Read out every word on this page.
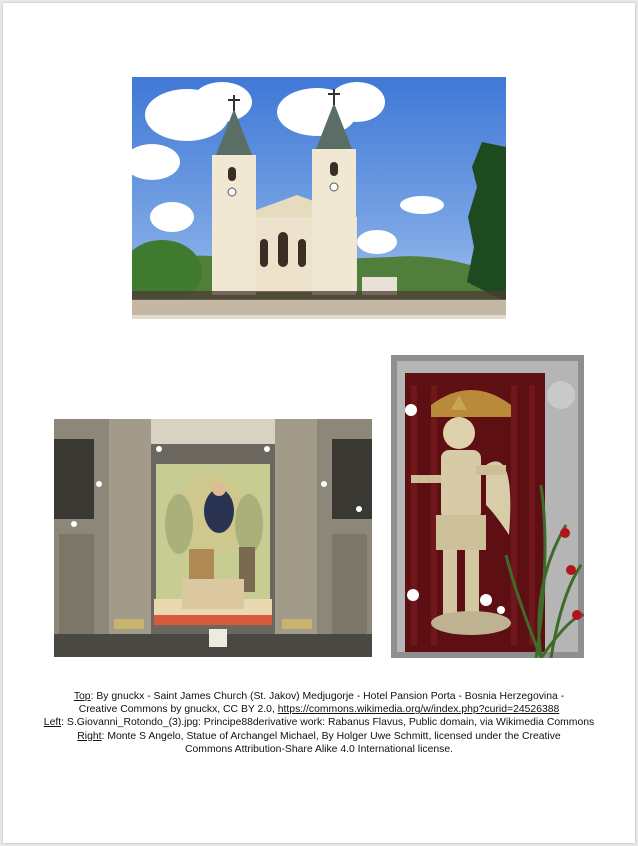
Top: By gnuckx - Saint James Church (St. Jakov) Medjugorje - Hotel Pansion Porta - Bosnia Herzegovina -
Creative Commons by gnuckx, CC BY 2.0, https://commons.wikimedia.org/w/index.php?curid=24526388
Left: S.Giovanni_Rotondo_(3).jpg: Principe88derivative work: Rabanus Flavus, Public domain, via Wikimedia Commons
Right: Monte S Angelo, Statue of Archangel Michael, By Holger Uwe Schmitt, licensed under the Creative
Commons Attribution-Share Alike 4.0 International license.
